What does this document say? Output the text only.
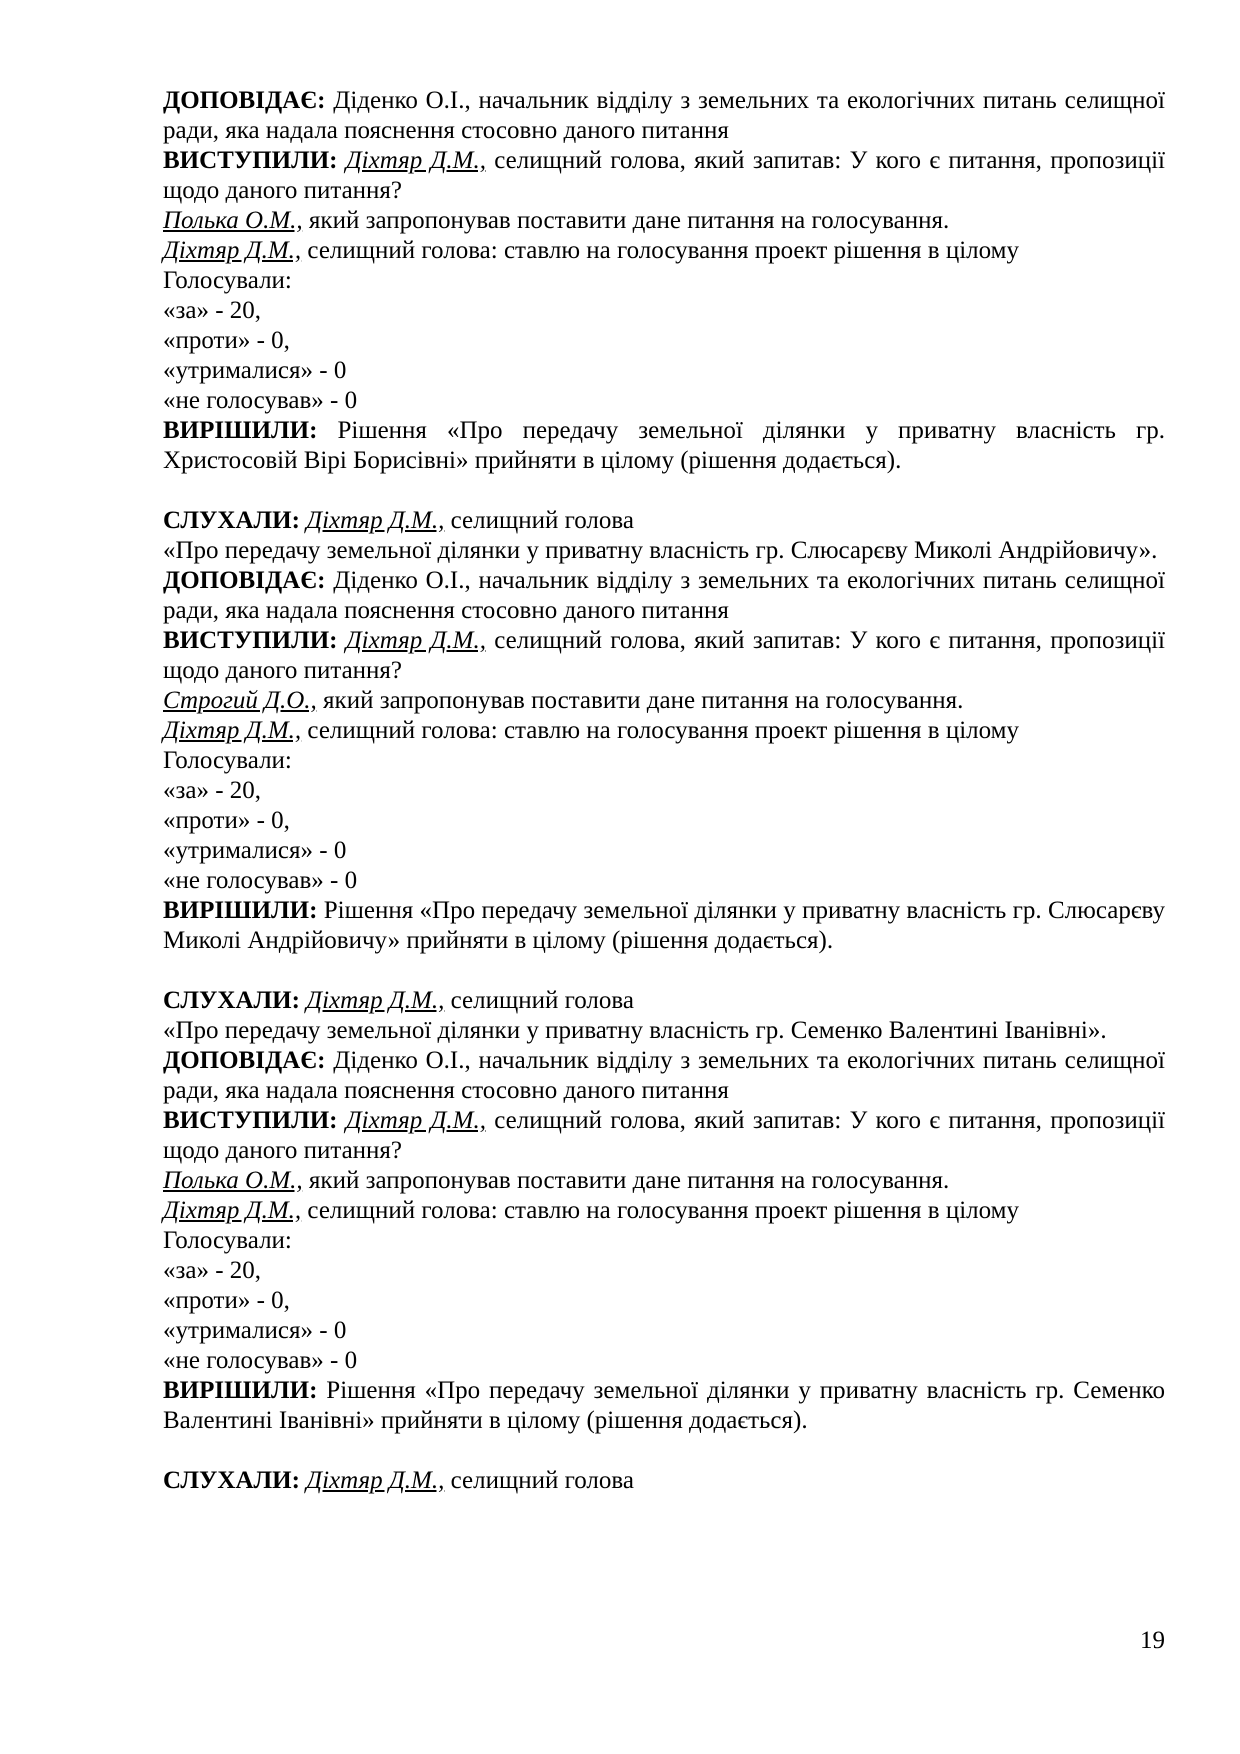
ДОПОВІДАЄ: Діденко О.І., начальник відділу з земельних та екологічних питань селищної ради, яка надала пояснення стосовно даного питання

ВИСТУПИЛИ: Діхтяр Д.М., селищний голова, який запитав: У кого є питання, пропозиції щодо даного питання?

Полька О.М., який запропонував поставити дане питання на голосування.

Діхтяр Д.М., селищний голова: ставлю на голосування проект рішення в цілому

Голосували:

«за» - 20,

«проти» - 0,

«утрималися» - 0

«не голосував» - 0

ВИРІШИЛИ: Рішення «Про передачу земельної ділянки у приватну власність гр. Христосовій Вірі Борисівні» прийняти в цілому (рішення додається).

СЛУХАЛИ: Діхтяр Д.М., селищний голова

«Про передачу земельної ділянки у приватну власність гр. Слюсарєву Миколі Андрійовичу».

ДОПОВІДАЄ: Діденко О.І., начальник відділу з земельних та екологічних питань селищної ради, яка надала пояснення стосовно даного питання

ВИСТУПИЛИ: Діхтяр Д.М., селищний голова, який запитав: У кого є питання, пропозиції щодо даного питання?

Строгий Д.О., який запропонував поставити дане питання на голосування.

Діхтяр Д.М., селищний голова: ставлю на голосування проект рішення в цілому

Голосували:

«за» - 20,

«проти» - 0,

«утрималися» - 0

«не голосував» - 0

ВИРІШИЛИ: Рішення «Про передачу земельної ділянки у приватну власність гр. Слюсарєву Миколі Андрійовичу» прийняти в цілому (рішення додається).

СЛУХАЛИ: Діхтяр Д.М., селищний голова

«Про передачу земельної ділянки у приватну власність гр. Семенко Валентині Іванівні».

ДОПОВІДАЄ: Діденко О.І., начальник відділу з земельних та екологічних питань селищної ради, яка надала пояснення стосовно даного питання

ВИСТУПИЛИ: Діхтяр Д.М., селищний голова, який запитав: У кого є питання, пропозиції щодо даного питання?

Полька О.М., який запропонував поставити дане питання на голосування.

Діхтяр Д.М., селищний голова: ставлю на голосування проект рішення в цілому

Голосували:

«за» - 20,

«проти» - 0,

«утрималися» - 0

«не голосував» - 0

ВИРІШИЛИ: Рішення «Про передачу земельної ділянки у приватну власність гр. Семенко Валентині Іванівні» прийняти в цілому (рішення додається).

СЛУХАЛИ: Діхтяр Д.М., селищний голова

19
